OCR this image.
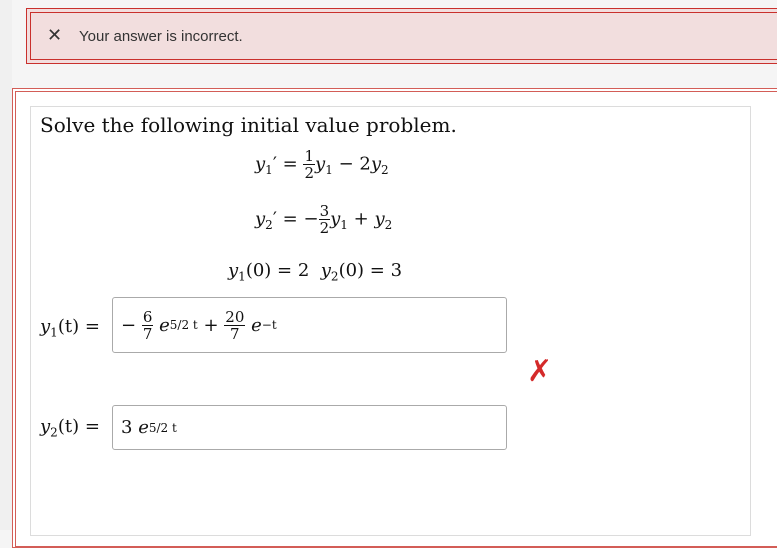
✕ Your answer is incorrect.
Solve the following initial value problem.
$y_1' = \frac{1}{2} y_1 - 2y_2$
$y_2'$ = − $\frac{3}{2} y_1 + y_2$
$y_1(0) = 2$ $y_2(0) = 3$
$y_1(t)$ = −
$\frac{6}{7}$
e 5/2 t
+
$\frac{20}{7}$
e −t
✗
$y_2(t) = 3$
e 5/2 t
